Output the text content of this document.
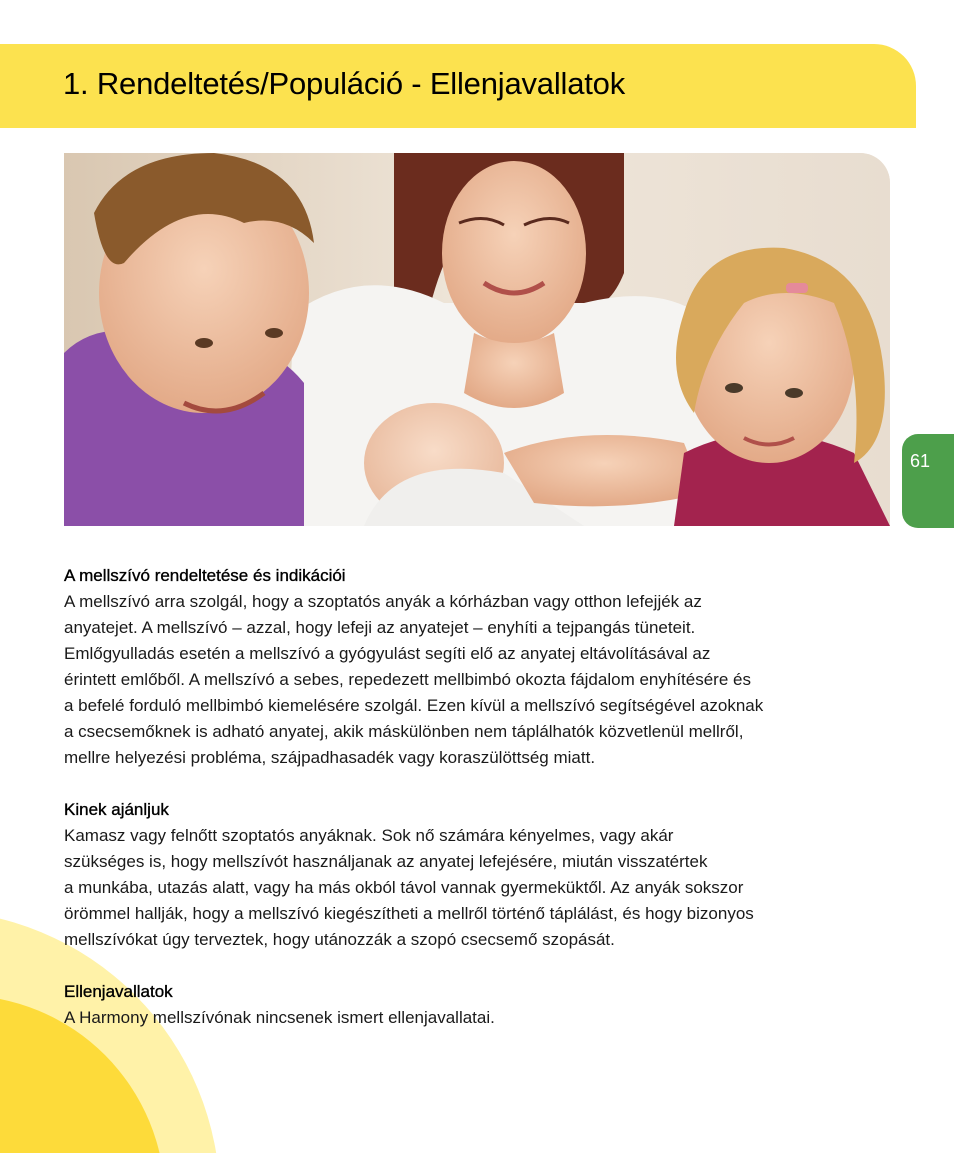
1. Rendeltetés/Populáció - Ellenjavallatok
61
A mellszívó rendeltetése és indikációi

A mellszívó arra szolgál, hogy a szoptatós anyák a kórházban vagy otthon lefejjék az
anyatejet. A mellszívó – azzal, hogy lefeji az anyatejet – enyhíti a tejpangás tüneteit.
Emlőgyulladás esetén a mellszívó a gyógyulást segíti elő az anyatej eltávolításával az
érintett emlőből. A mellszívó a sebes, repedezett mellbimbó okozta fájdalom enyhítésére és
a befelé forduló mellbimbó kiemelésére szolgál. Ezen kívül a mellszívó segítségével azoknak
a csecsemőknek is adható anyatej, akik máskülönben nem táplálhatók közvetlenül mellről,
mellre helyezési probléma, szájpadhasadék vagy koraszülöttség miatt.

Kinek ajánljuk

Kamasz vagy felnőtt szoptatós anyáknak. Sok nő számára kényelmes, vagy akár
szükséges is, hogy mellszívót használjanak az anyatej lefejésére, miután visszatértek
a munkába, utazás alatt, vagy ha más okból távol vannak gyermeküktől. Az anyák sokszor
örömmel hallják, hogy a mellszívó kiegészítheti a mellről történő táplálást, és hogy bizonyos
mellszívókat úgy terveztek, hogy utánozzák a szopó csecsemő szopását.

Ellenjavallatok

A Harmony mellszívónak nincsenek ismert ellenjavallatai.
